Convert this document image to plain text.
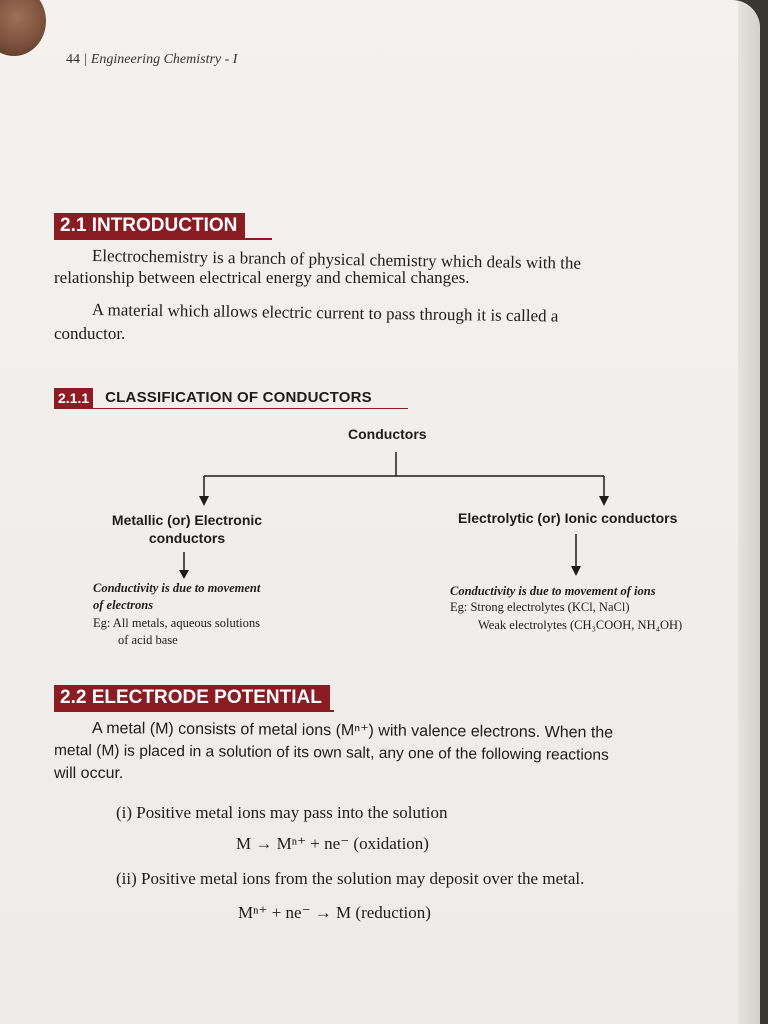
44 | Engineering Chemistry - I
2.1 INTRODUCTION
Electrochemistry is a branch of physical chemistry which deals with the
relationship between electrical energy and chemical changes.
A material which allows electric current to pass through it is called a
conductor.
2.1.1	CLASSIFICATION OF CONDUCTORS
Conductors
Metallic (or) Electronic
conductors
Electrolytic (or) Ionic conductors
Conductivity is due to movement
of electrons
Eg: All metals, aqueous solutions
of acid base
Conductivity is due to movement of ions
Eg: Strong electrolytes (KCl, NaCl)
Weak electrolytes (CH₃COOH, NH₄OH)
2.2 ELECTRODE POTENTIAL
A metal (M) consists of metal ions (Mⁿ⁺) with valence electrons. When the
metal (M) is placed in a solution of its own salt, any one of the following reactions
will occur.
(i) Positive metal ions may pass into the solution
M → Mⁿ⁺ + ne⁻ (oxidation)
(ii) Positive metal ions from the solution may deposit over the metal.
Mⁿ⁺ + ne⁻ → M (reduction)
